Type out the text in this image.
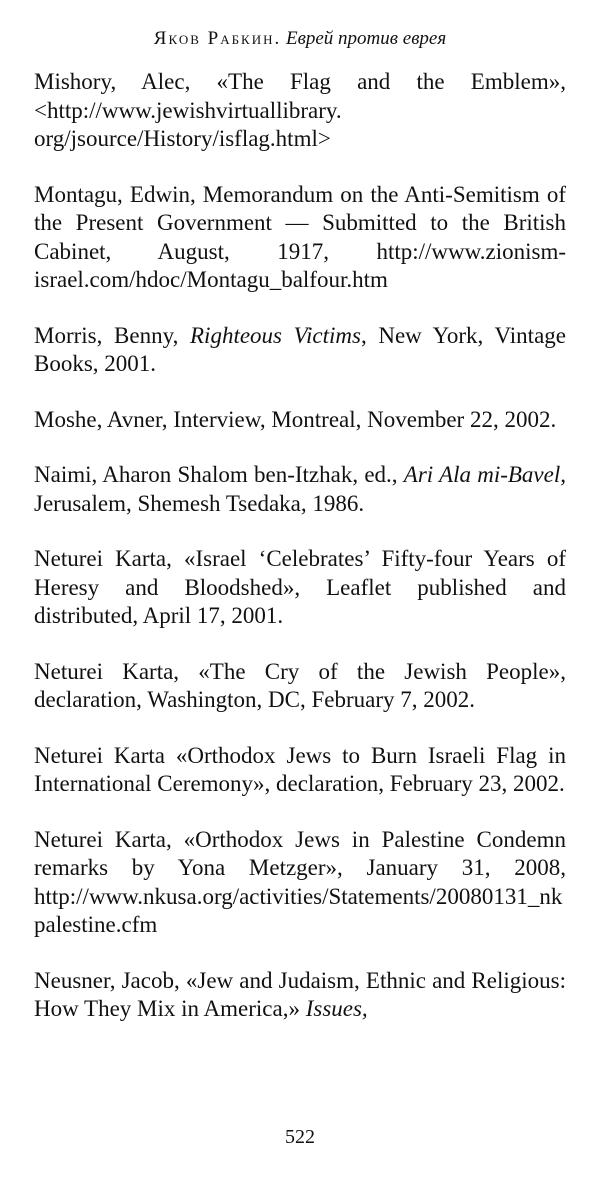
Яков Рабкин. Еврей против еврея

Mishory, Alec, «The Flag and the Emblem», <http://www.jewishvirtuallibrary. org/jsource/History/isflag.html>

Montagu, Edwin, Memorandum on the Anti-Semitism of the Present Government — Submitted to the British Cabinet, August, 1917, http://www.zionism-israel.com/hdoc/Montagu_balfour.htm

Morris, Benny, Righteous Victims, New York, Vintage Books, 2001.

Moshe, Avner, Interview, Montreal, November 22, 2002.

Naimi, Aharon Shalom ben-Itzhak, ed., Ari Ala mi-Bavel, Jerusalem, Shemesh Tsedaka, 1986.

Neturei Karta, «Israel ‘Celebrates’ Fifty-four Years of Heresy and Bloodshed», Leaflet published and distributed, April 17, 2001.

Neturei Karta, «The Cry of the Jewish People», declaration, Washington, DC, February 7, 2002.

Neturei Karta «Orthodox Jews to Burn Israeli Flag in International Ceremony», declaration, February 23, 2002.

Neturei Karta, «Orthodox Jews in Palestine Condemn remarks by Yona Metzger», January 31, 2008, http://www.nkusa.org/activities/Statements/20080131_nkpalestine.cfm

Neusner, Jacob, «Jew and Judaism, Ethnic and Religious: How They Mix in America,» Issues,

522
